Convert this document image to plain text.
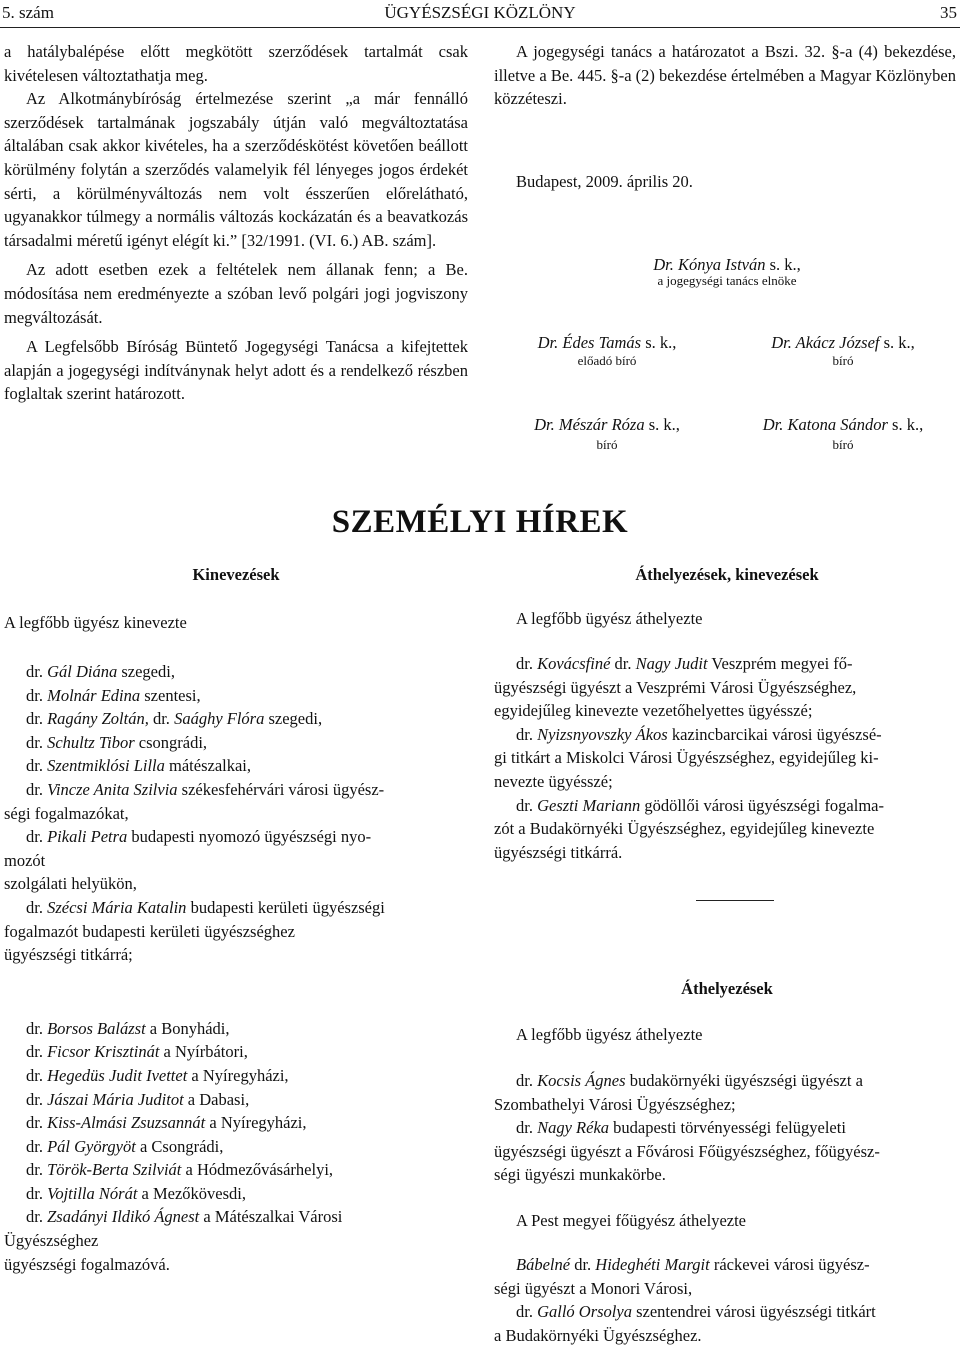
5. szám	ÜGYÉSZSÉGI KÖZLÖNY	35

a hatálybalépése előtt megkötött szerződések tartalmát csak kivételesen változtathatja meg.

Az Alkotmánybíróság értelmezése szerint „a már fennálló szerződések tartalmának jogszabály útján való megváltoztatása általában csak akkor kivételes, ha a szerződéskötést követően beállott körülmény folytán a szerződés valamelyik fél lényeges jogos érdekét sérti, a körülményváltozás nem volt ésszerűen előrelátható, ugyanakkor túlmegy a normális változás kockázatán és a beavatkozás társadalmi méretű igényt elégít ki.” [32/1991. (VI. 6.) AB. szám].

Az adott esetben ezek a feltételek nem állanak fenn; a Be. módosítása nem eredményezte a szóban levő polgári jogi jogviszony megváltozását.

A Legfelsőbb Bíróság Büntető Jogegységi Tanácsa a kifejtettek alapján a jogegységi indítványnak helyt adott és a rendelkező részben foglaltak szerint határozott.

A jogegységi tanács a határozatot a Bszi. 32. §-a (4) bekezdése, illetve a Be. 445. §-a (2) bekezdése értelmében a Magyar Közlönyben közzéteszi.

Budapest, 2009. április 20.
Dr. Kónya István s. k.,
a jogegységi tanács elnöke
Dr. Édes Tamás s. k.,
előadó bíró
Dr. Akácz József s. k.,
bíró
Dr. Mészár Róza s. k.,
bíró
Dr. Katona Sándor s. k.,
bíró
SZEMÉLYI HÍREK
Kinevezések
A legfőbb ügyész kinevezte

dr. Gál Diána szegedi,

dr. Molnár Edina szentesi,

dr. Ragány Zoltán, dr. Saághy Flóra szegedi,

dr. Schultz Tibor csongrádi,

dr. Szentmiklósi Lilla mátészalkai,

dr. Vincze Anita Szilvia székesfehérvári városi ügyész-

ségi fogalmazókat,

dr. Pikali Petra budapesti nyomozó ügyészségi nyo-

mozót

szolgálati helyükön,

dr. Szécsi Mária Katalin budapesti kerületi ügyészségi

fogalmazót budapesti kerületi ügyészséghez

ügyészségi titkárrá;

dr. Borsos Balázst a Bonyhádi,

dr. Ficsor Krisztinát a Nyírbátori,

dr. Hegedüs Judit Ivettet a Nyíregyházi,

dr. Jászai Mária Juditot a Dabasi,

dr. Kiss-Almási Zsuzsannát a Nyíregyházi,

dr. Pál Györgyöt a Csongrádi,

dr. Török-Berta Szilviát a Hódmezővásárhelyi,

dr. Vojtilla Nórát a Mezőkövesdi,

dr. Zsadányi Ildikó Ágnest a Mátészalkai Városi

Ügyészséghez

ügyészségi fogalmazóvá.

Áthelyezések, kinevezések
A legfőbb ügyész áthelyezte

dr. Kovácsfiné dr. Nagy Judit Veszprém megyei fő-

ügyészségi ügyészt a Veszprémi Városi Ügyészséghez,

egyidejűleg kinevezte vezetőhelyettes ügyésszé;

dr. Nyizsnyovszky Ákos kazincbarcikai városi ügyészsé-

gi titkárt a Miskolci Városi Ügyészséghez, egyidejűleg ki-

nevezte ügyésszé;

dr. Geszti Mariann gödöllői városi ügyészségi fogalma-

zót a Budakörnyéki Ügyészséghez, egyidejűleg kinevezte

ügyészségi titkárrá.

Áthelyezések
A legfőbb ügyész áthelyezte

dr. Kocsis Ágnes budakörnyéki ügyészségi ügyészt a

Szombathelyi Városi Ügyészséghez;

dr. Nagy Réka budapesti törvényességi felügyeleti

ügyészségi ügyészt a Fővárosi Főügyészséghez, főügyész-

ségi ügyészi munkakörbe.

A Pest megyei főügyész áthelyezte

Bábelné dr. Hideghéti Margit ráckevei városi ügyész-

ségi ügyészt a Monori Városi,

dr. Galló Orsolya szentendrei városi ügyészségi titkárt

a Budakörnyéki Ügyészséghez.
